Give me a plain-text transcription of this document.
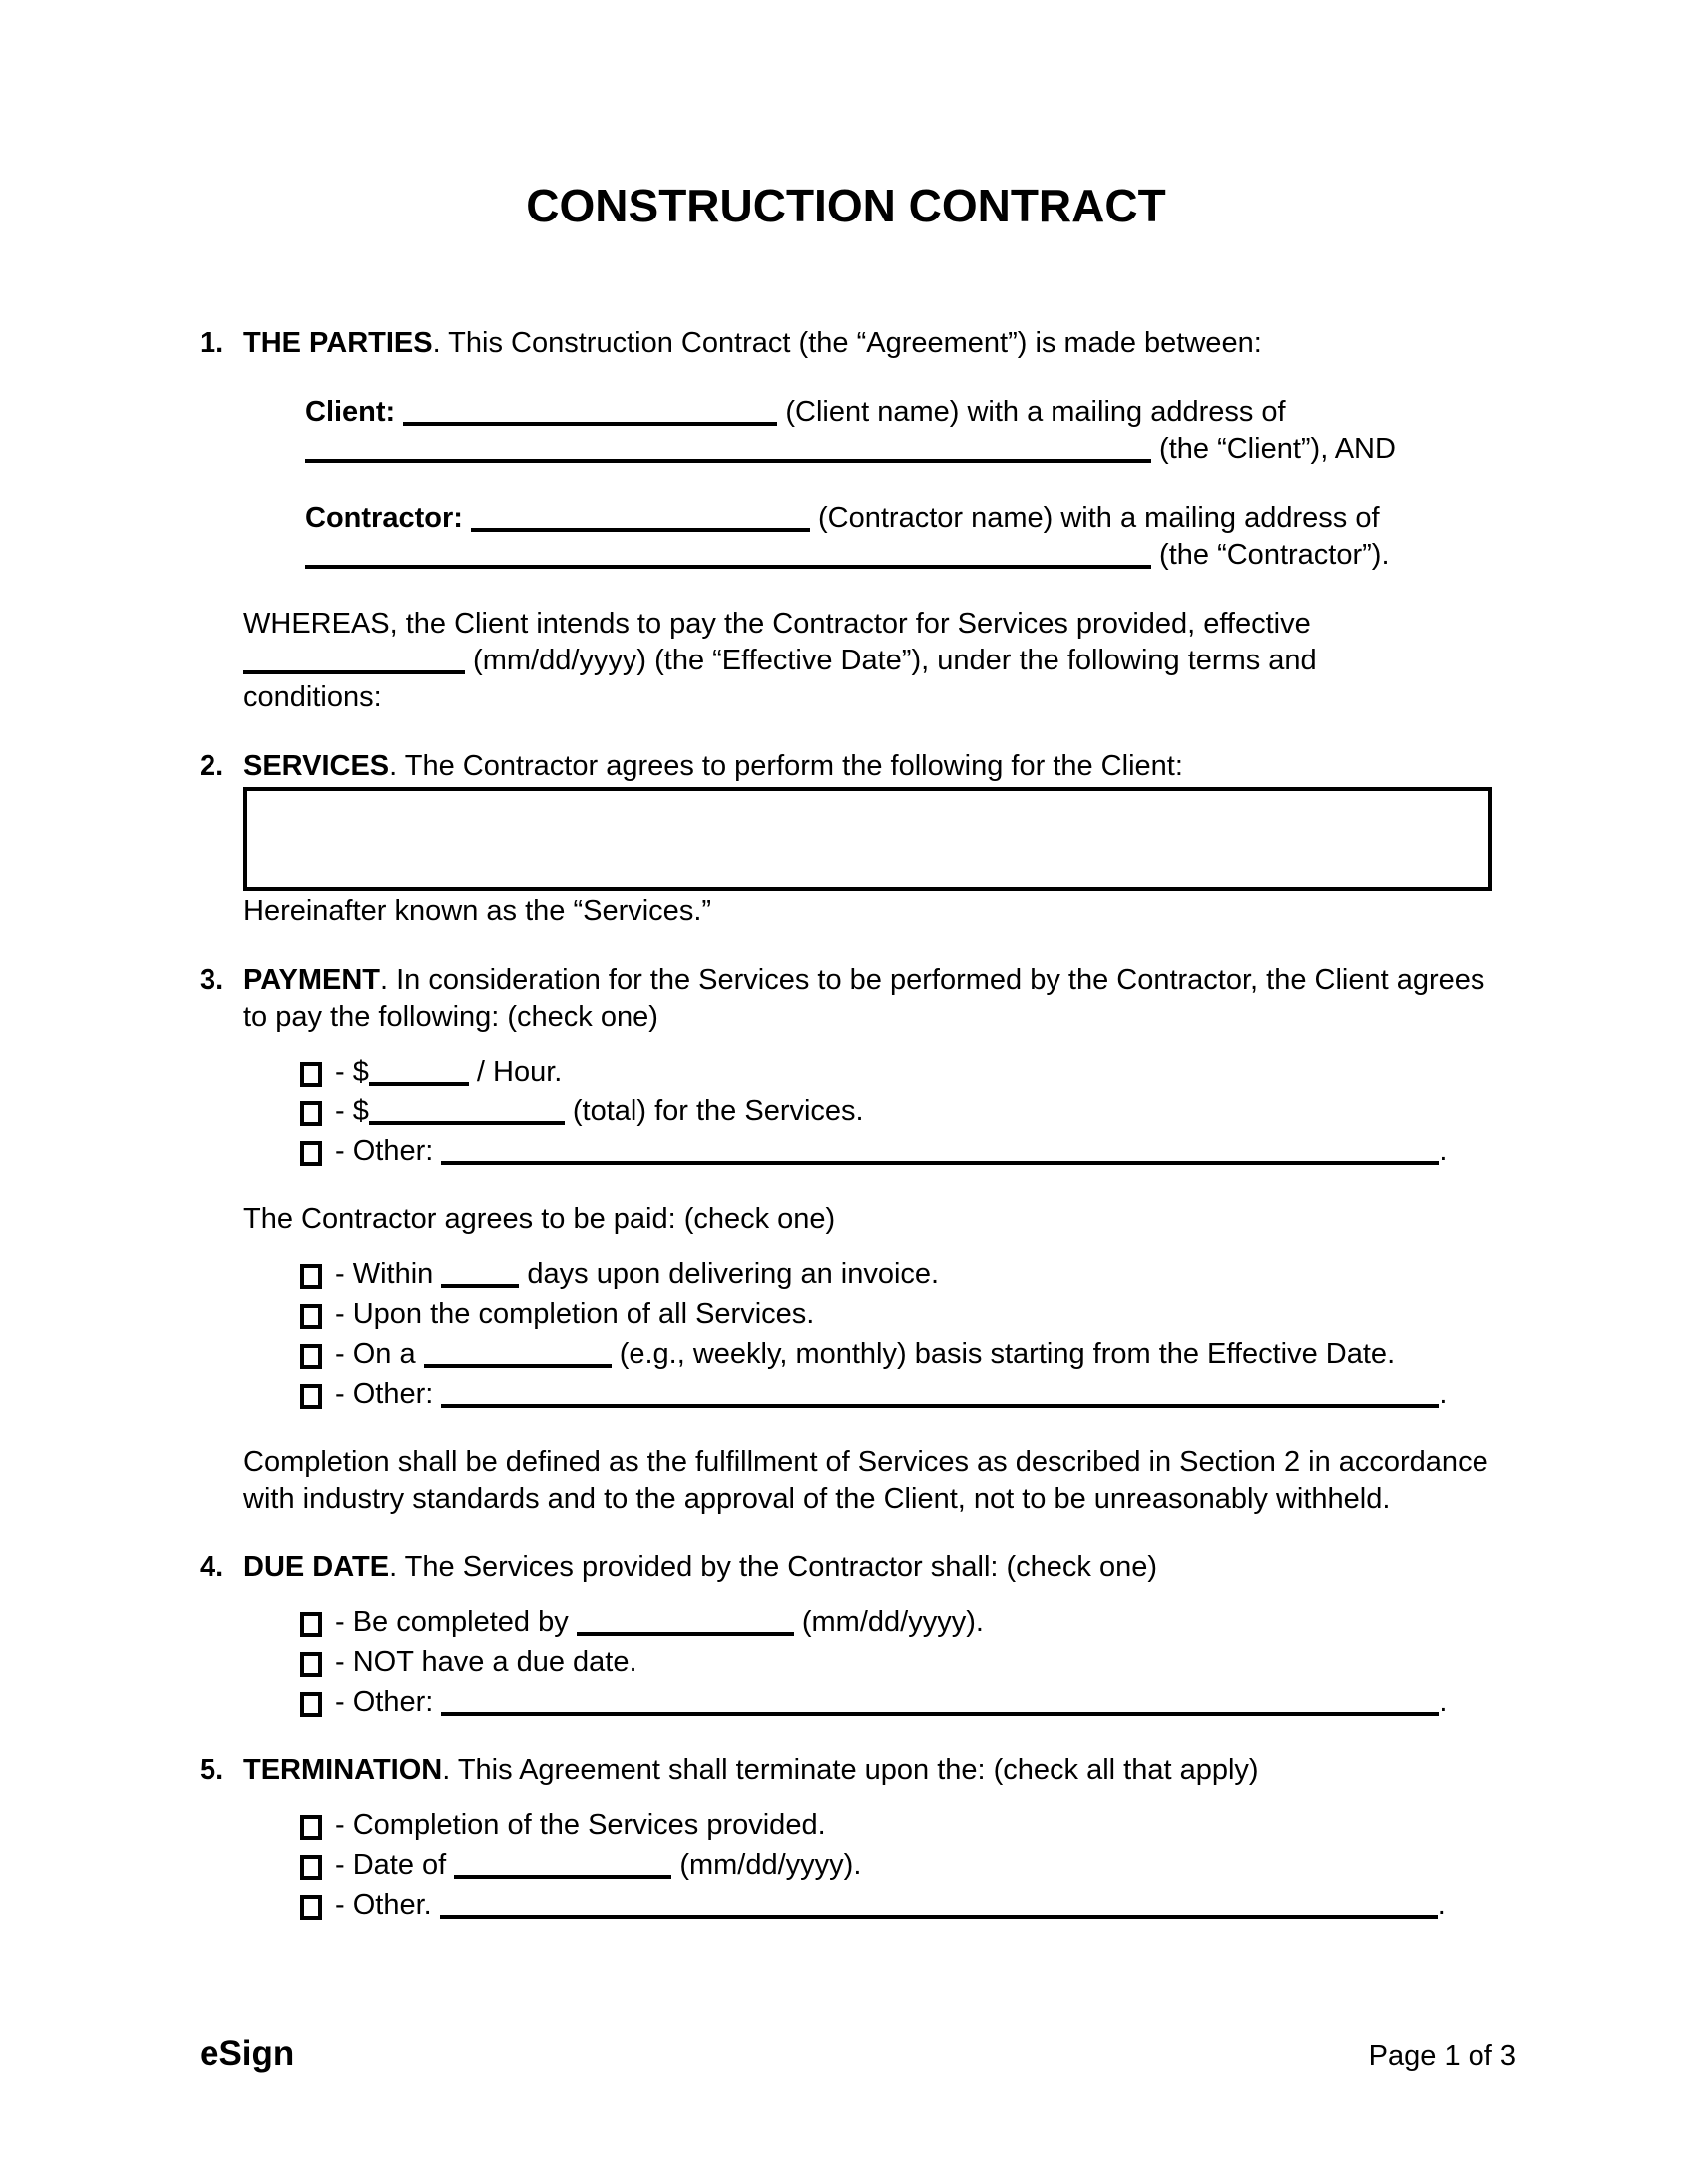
CONSTRUCTION CONTRACT
1. THE PARTIES. This Construction Contract (the “Agreement”) is made between:

Client:	(Client name) with a mailing address of
(the “Client”), AND

Contractor:	(Contractor name) with a mailing address of
(the “Contractor”).

WHEREAS, the Client intends to pay the Contractor for Services provided, effective
(mm/dd/yyyy) (the “Effective Date”), under the following terms and
conditions:

2. SERVICES. The Contractor agrees to perform the following for the Client:

Hereinafter known as the “Services.”

3. PAYMENT. In consideration for the Services to be performed by the Contractor, the Client agrees to pay the following: (check one)

- $	/ Hour.
- $	(total) for the Services.
- Other:	.

The Contractor agrees to be paid: (check one)

- Within	days upon delivering an invoice.
- Upon the completion of all Services.
- On a	(e.g., weekly, monthly) basis starting from the Effective Date.
- Other:	.

Completion shall be defined as the fulfillment of Services as described in Section 2 in accordance with industry standards and to the approval of the Client, not to be unreasonably withheld.

4. DUE DATE. The Services provided by the Contractor shall: (check one)

- Be completed by	(mm/dd/yyyy).
- NOT have a due date.
- Other:	.
5. TERMINATION. This Agreement shall terminate upon the: (check all that apply)

- Completion of the Services provided.
- Date of	(mm/dd/yyyy).
- Other.	.
eSign	Page 1 of 3
